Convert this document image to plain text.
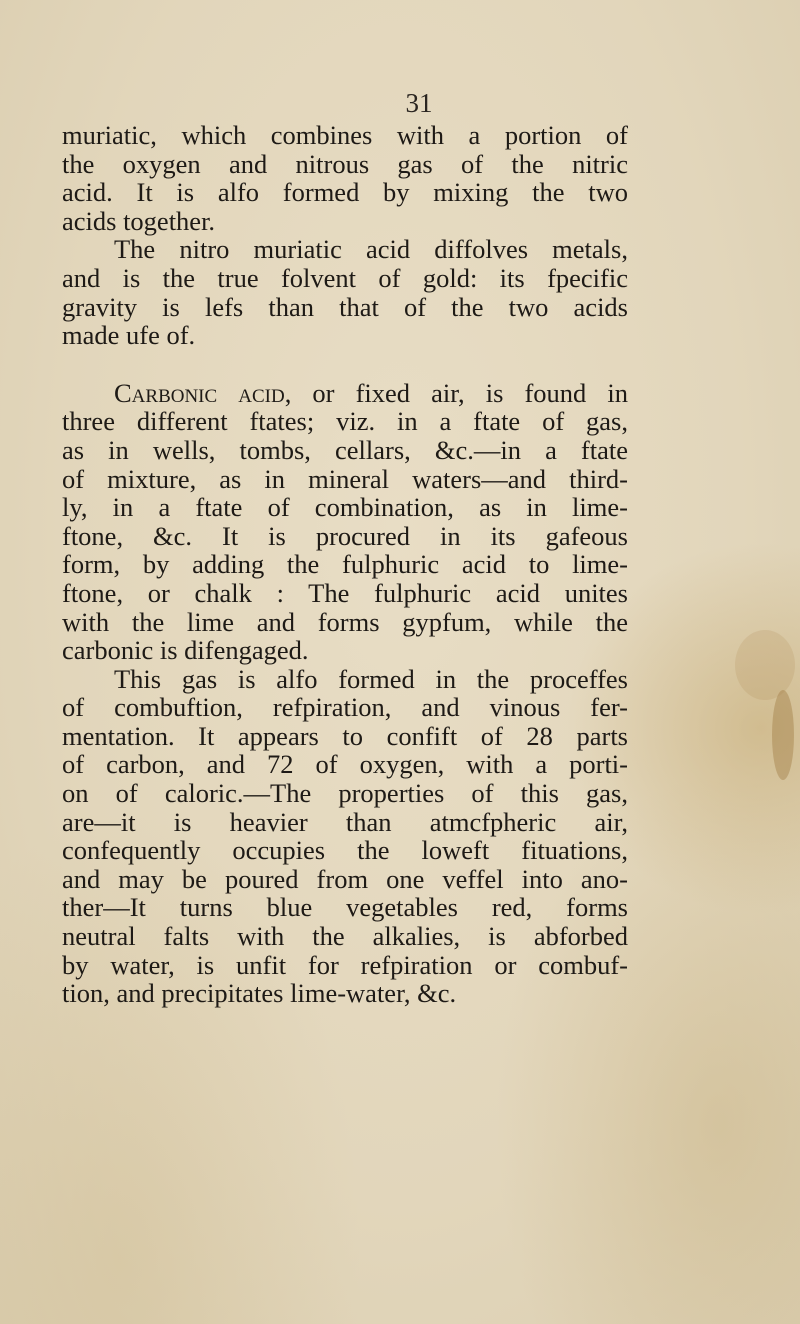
31

muriatic, which combines with a portion of
the oxygen and nitrous gas of the nitric
acid. It is alfo formed by mixing the two
acids together.

The nitro muriatic acid diffolves metals,
and is the true folvent of gold: its fpecific
gravity is lefs than that of the two acids
made ufe of.

Carbonic acid, or fixed air, is found in
three different ftates; viz. in a ftate of gas,
as in wells, tombs, cellars, &c.—in a ftate
of mixture, as in mineral waters—and third-
ly, in a ftate of combination, as in lime-
ftone, &c. It is procured in its gafeous
form, by adding the fulphuric acid to lime-
ftone, or chalk : The fulphuric acid unites
with the lime and forms gypfum, while the
carbonic is difengaged.

This gas is alfo formed in the proceffes
of combuftion, refpiration, and vinous fer-
mentation. It appears to confift of 28 parts
of carbon, and 72 of oxygen, with a porti-
on of caloric.—The properties of this gas,
are—it is heavier than atmcfpheric air,
confequently occupies the loweft fituations,
and may be poured from one veffel into ano-
ther—It turns blue vegetables red, forms
neutral falts with the alkalies, is abforbed
by water, is unfit for refpiration or combuf-
tion, and precipitates lime-water, &c.
